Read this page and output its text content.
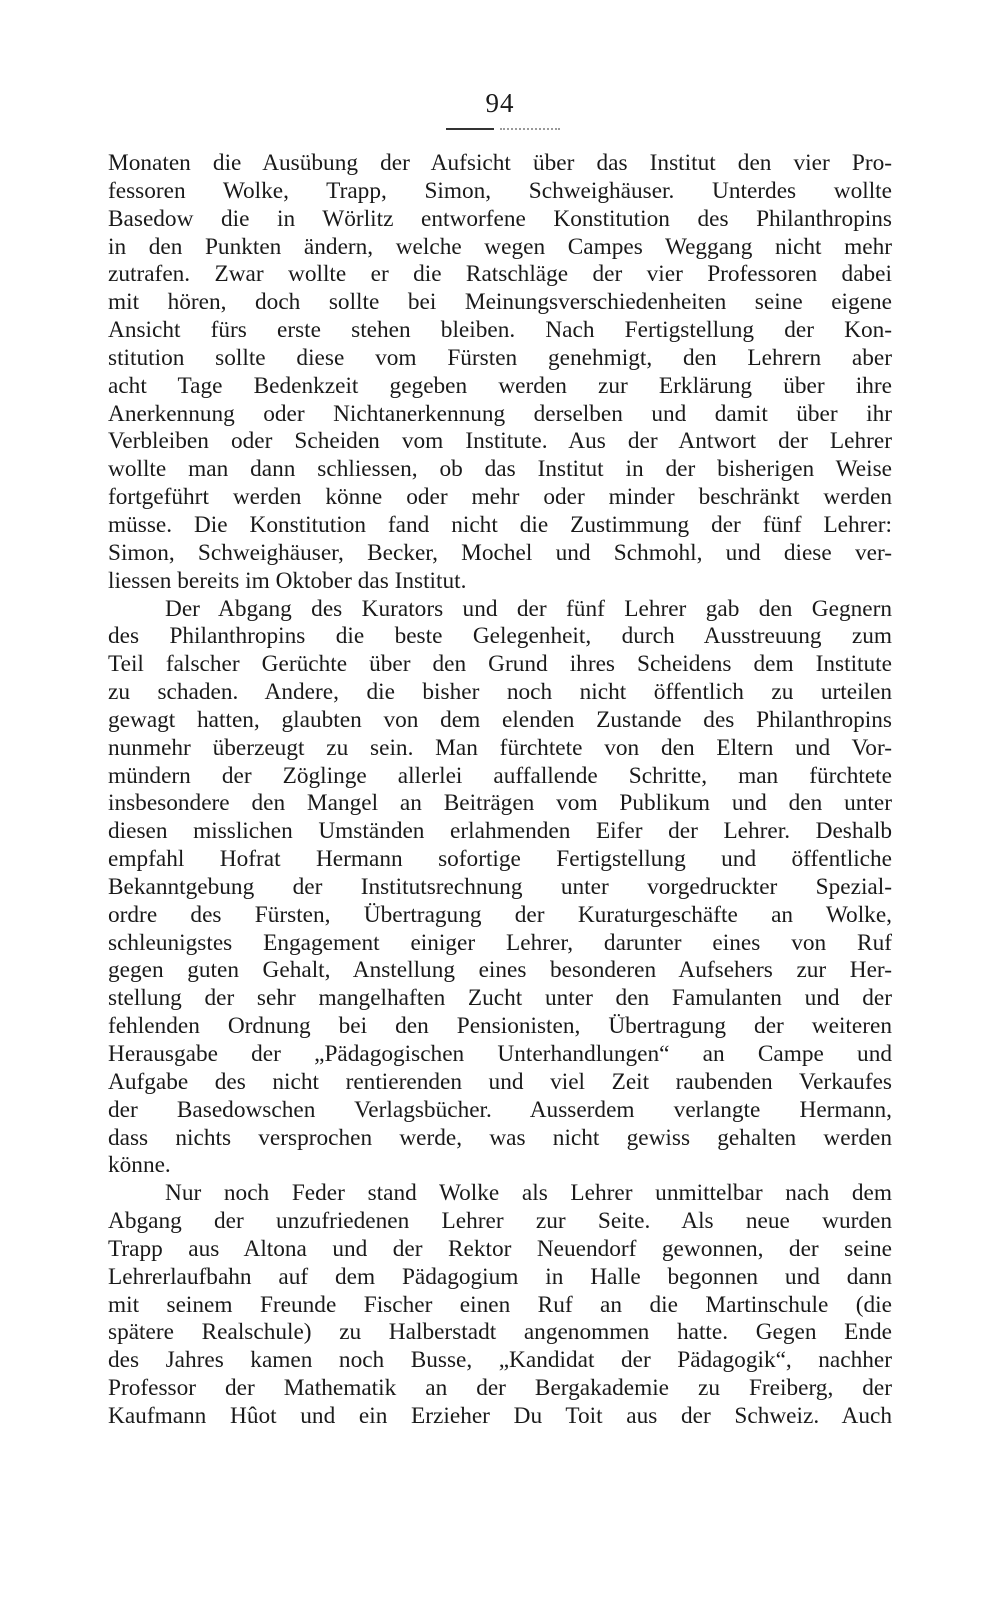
94
Monaten die Ausübung der Aufsicht über das Institut den vier Pro-
fessoren Wolke, Trapp, Simon, Schweighäuser. Unterdes wollte
Basedow die in Wörlitz entworfene Konstitution des Philanthropins
in den Punkten ändern, welche wegen Campes Weggang nicht mehr
zutrafen. Zwar wollte er die Ratschläge der vier Professoren dabei
mit hören, doch sollte bei Meinungsverschiedenheiten seine eigene
Ansicht fürs erste stehen bleiben. Nach Fertigstellung der Kon-
stitution sollte diese vom Fürsten genehmigt, den Lehrern aber
acht Tage Bedenkzeit gegeben werden zur Erklärung über ihre
Anerkennung oder Nichtanerkennung derselben und damit über ihr
Verbleiben oder Scheiden vom Institute. Aus der Antwort der Lehrer
wollte man dann schliessen, ob das Institut in der bisherigen Weise
fortgeführt werden könne oder mehr oder minder beschränkt werden
müsse. Die Konstitution fand nicht die Zustimmung der fünf Lehrer:
Simon, Schweighäuser, Becker, Mochel und Schmohl, und diese ver-
liessen bereits im Oktober das Institut.
Der Abgang des Kurators und der fünf Lehrer gab den Gegnern
des Philanthropins die beste Gelegenheit, durch Ausstreuung zum
Teil falscher Gerüchte über den Grund ihres Scheidens dem Institute
zu schaden. Andere, die bisher noch nicht öffentlich zu urteilen
gewagt hatten, glaubten von dem elenden Zustande des Philanthropins
nunmehr überzeugt zu sein. Man fürchtete von den Eltern und Vor-
mündern der Zöglinge allerlei auffallende Schritte, man fürchtete
insbesondere den Mangel an Beiträgen vom Publikum und den unter
diesen misslichen Umständen erlahmenden Eifer der Lehrer. Deshalb
empfahl Hofrat Hermann sofortige Fertigstellung und öffentliche
Bekanntgebung der Institutsrechnung unter vorgedruckter Spezial-
ordre des Fürsten, Übertragung der Kuraturgeschäfte an Wolke,
schleunigstes Engagement einiger Lehrer, darunter eines von Ruf
gegen guten Gehalt, Anstellung eines besonderen Aufsehers zur Her-
stellung der sehr mangelhaften Zucht unter den Famulanten und der
fehlenden Ordnung bei den Pensionisten, Übertragung der weiteren
Herausgabe der „Pädagogischen Unterhandlungen“ an Campe und
Aufgabe des nicht rentierenden und viel Zeit raubenden Verkaufes
der Basedowschen Verlagsbücher. Ausserdem verlangte Hermann,
dass nichts versprochen werde, was nicht gewiss gehalten werden
könne.
Nur noch Feder stand Wolke als Lehrer unmittelbar nach dem
Abgang der unzufriedenen Lehrer zur Seite. Als neue wurden
Trapp aus Altona und der Rektor Neuendorf gewonnen, der seine
Lehrerlaufbahn auf dem Pädagogium in Halle begonnen und dann
mit seinem Freunde Fischer einen Ruf an die Martinschule (die
spätere Realschule) zu Halberstadt angenommen hatte. Gegen Ende
des Jahres kamen noch Busse, „Kandidat der Pädagogik“, nachher
Professor der Mathematik an der Bergakademie zu Freiberg, der
Kaufmann Hûot und ein Erzieher Du Toit aus der Schweiz. Auch
